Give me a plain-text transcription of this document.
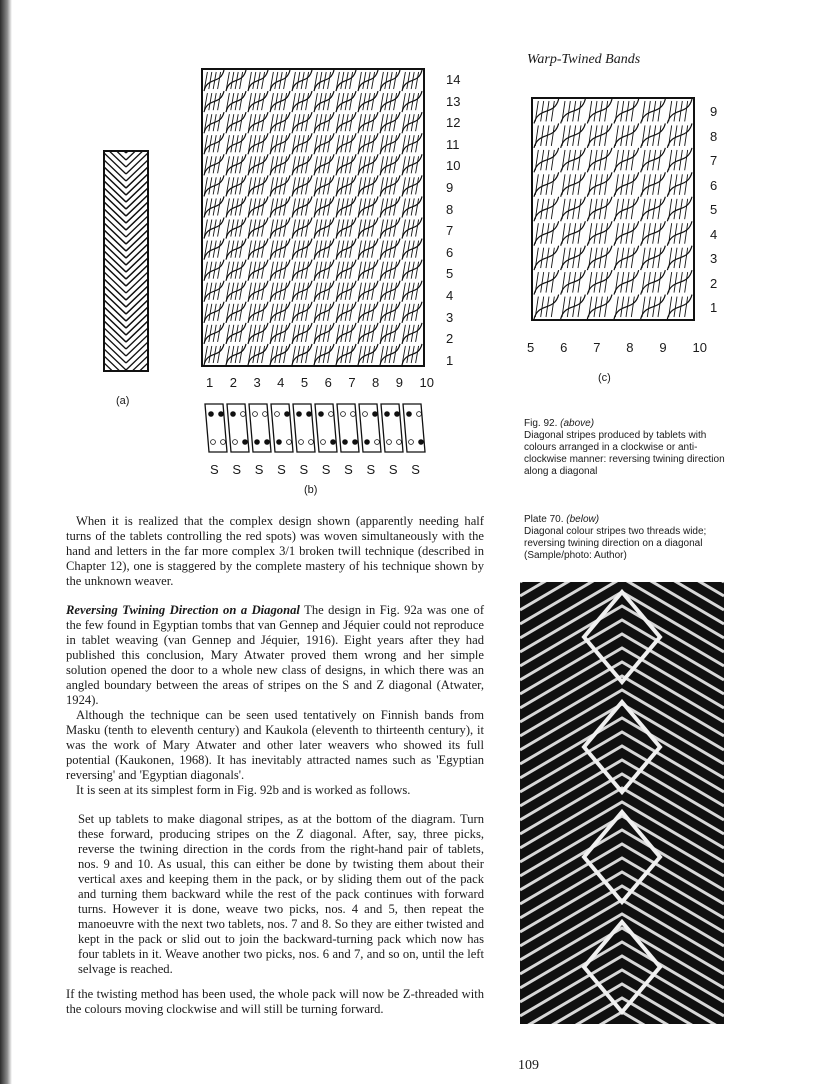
Warp-Twined Bands
(a)
14
13
12
11
10
9
8
7
6
5
4
3
2
1
1 2 3 4 5 6 7 8 9 10
S S S S S S S S S S
(b)
9
8
7
6
5
4
3
2
1
5 6 7 8 9 10
(c)
Fig. 92. (above)
Diagonal stripes produced by tablets with colours arranged in a clockwise or anti-clockwise manner: reversing twining direction along a diagonal
Plate 70. (below)
Diagonal colour stripes two threads wide; reversing twining direction on a diagonal (Sample/photo: Author)

When it is realized that the complex design shown (apparently needing half turns of the tablets controlling the red spots) was woven simultaneously with the hand and letters in the far more complex 3/1 broken twill technique (described in Chapter 12), one is staggered by the complete mastery of his technique shown by the unknown weaver.

Reversing Twining Direction on a Diagonal The design in Fig. 92a was one of the few found in Egyptian tombs that van Gennep and Jéquier could not reproduce in tablet weaving (van Gennep and Jéquier, 1916). Eight years after they had published this conclusion, Mary Atwater proved them wrong and her simple solution opened the door to a whole new class of designs, in which there was an angled boundary between the areas of stripes on the S and Z diagonal (Atwater, 1924).

Although the technique can be seen used tentatively on Finnish bands from Masku (tenth to eleventh century) and Kaukola (eleventh to thirteenth century), it was the work of Mary Atwater and other later weavers who showed its full potential (Kaukonen, 1968). It has inevitably attracted names such as 'Egyptian reversing' and 'Egyptian diagonals'.

It is seen at its simplest form in Fig. 92b and is worked as follows.

Set up tablets to make diagonal stripes, as at the bottom of the diagram. Turn these forward, producing stripes on the Z diagonal. After, say, three picks, reverse the twining direction in the cords from the right-hand pair of tablets, nos. 9 and 10. As usual, this can either be done by twisting them about their vertical axes and keeping them in the pack, or by sliding them out of the pack and turning them backward while the rest of the pack continues with forward turns. However it is done, weave two picks, nos. 4 and 5, then repeat the manoeuvre with the next two tablets, nos. 7 and 8. So they are either twisted and kept in the pack or slid out to join the backward-turning pack which now has four tablets in it. Weave another two picks, nos. 6 and 7, and so on, until the left selvage is reached.

If the twisting method has been used, the whole pack will now be Z-threaded with the colours moving clockwise and will still be turning forward.

109
